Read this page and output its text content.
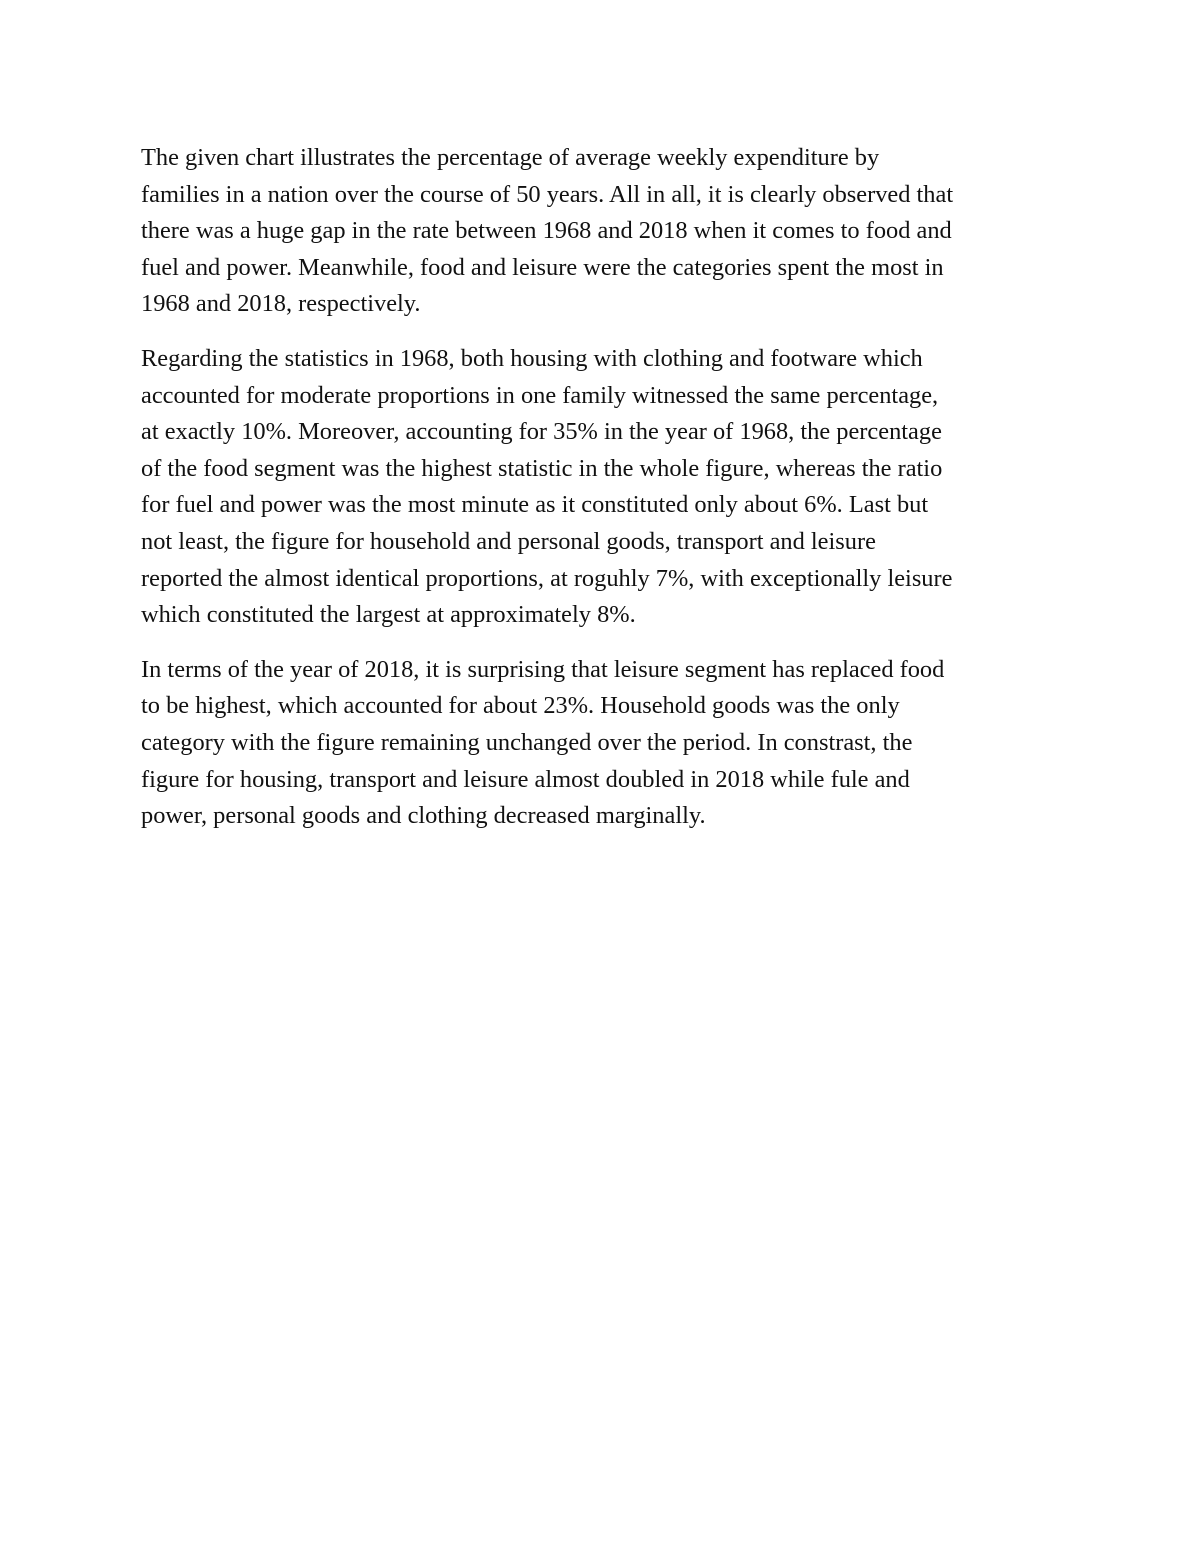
The given chart illustrates the percentage of average weekly expenditure by
families in a nation over the course of 50 years. All in all, it is clearly observed that
there was a huge gap in the rate between 1968 and 2018 when it comes to food and
fuel and power. Meanwhile, food and leisure were the categories spent the most in
1968 and 2018, respectively.

Regarding the statistics in 1968, both housing with clothing and footware which
accounted for moderate proportions in one family witnessed the same percentage,
at exactly 10%. Moreover, accounting for 35% in the year of 1968, the percentage
of the food segment was the highest statistic in the whole figure, whereas the ratio
for fuel and power was the most minute as it constituted only about 6%. Last but
not least, the figure for household and personal goods, transport and leisure
reported the almost identical proportions, at roguhly 7%, with exceptionally leisure
which constituted the largest at approximately 8%.

In terms of the year of 2018, it is surprising that leisure segment has replaced food
to be highest, which accounted for about 23%. Household goods was the only
category with the figure remaining unchanged over the period. In constrast, the
figure for housing, transport and leisure almost doubled in 2018 while fule and
power, personal goods and clothing decreased marginally.
